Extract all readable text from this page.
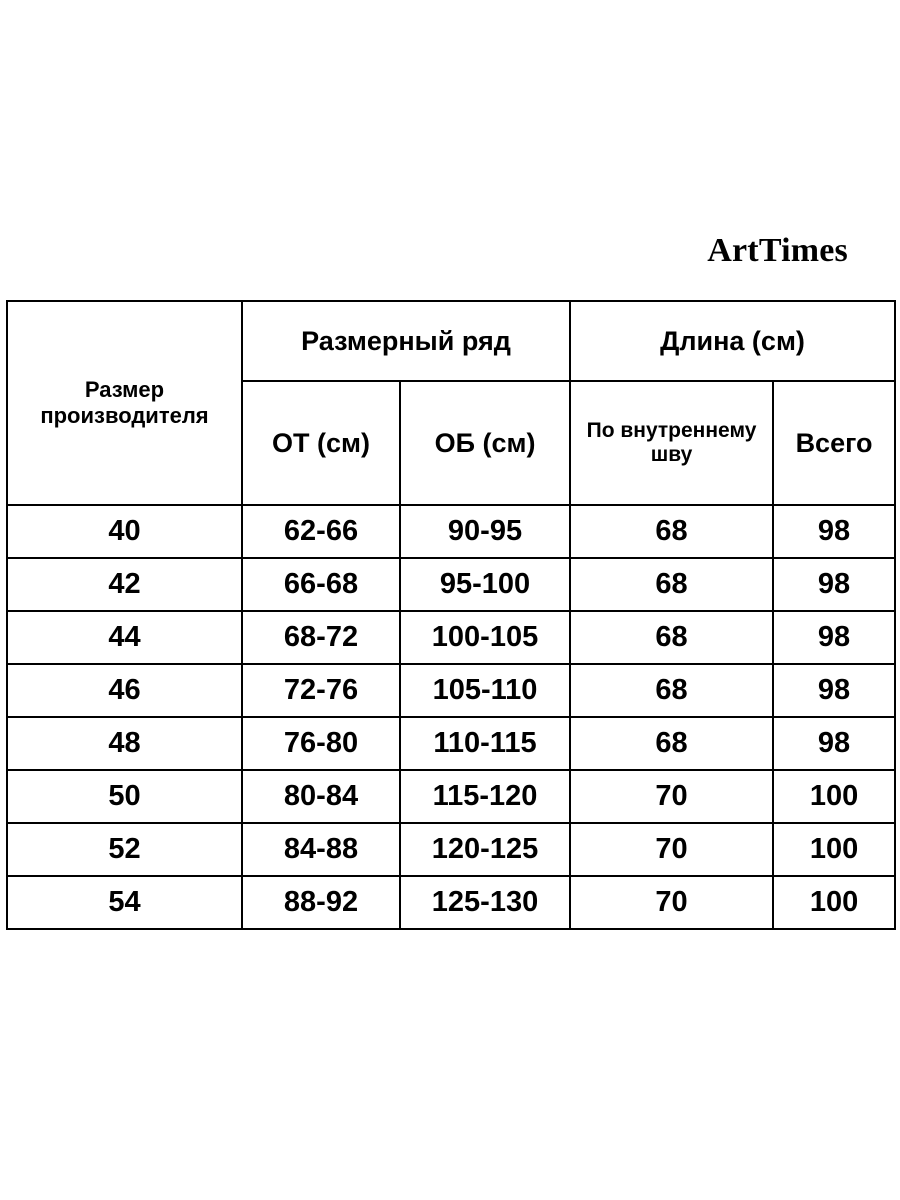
ArtTimes
Размер производителя	Размерный ряд		Длина (см)	
	ОТ (см)	ОБ (см)	По внутреннему шву	Всего
40	62-66	90-95	68	98
42	66-68	95-100	68	98
44	68-72	100-105	68	98
46	72-76	105-110	68	98
48	76-80	110-115	68	98
50	80-84	115-120	70	100
52	84-88	120-125	70	100
54	88-92	125-130	70	100
